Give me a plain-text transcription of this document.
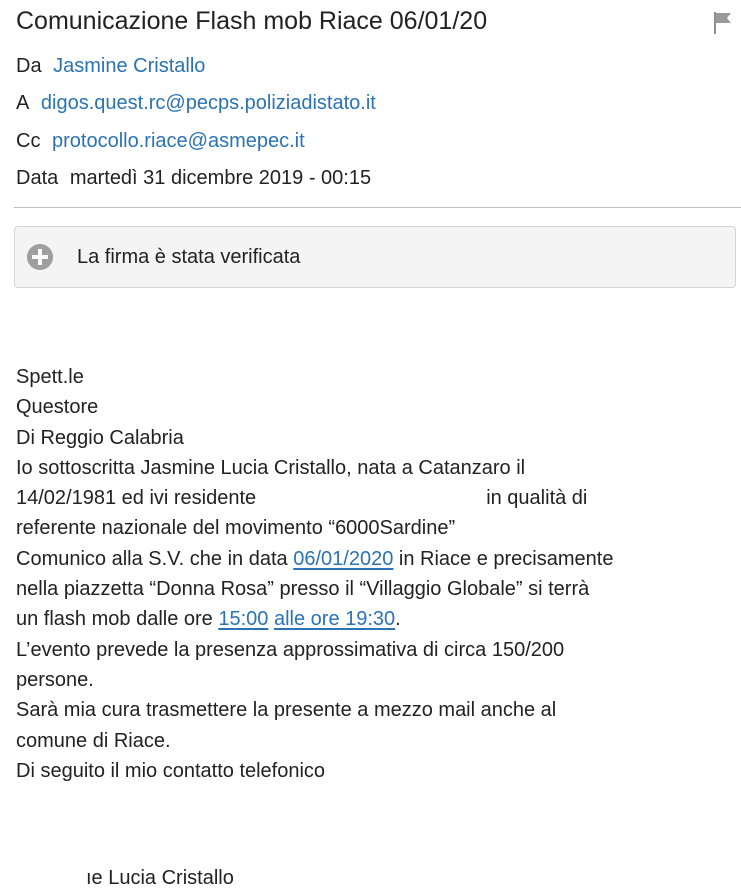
Comunicazione Flash mob Riace 06/01/20
Da Jasmine Cristallo
A digos.quest.rc@pecps.poliziadistato.it
Cc protocollo.riace@asmepec.it
Data martedì 31 dicembre 2019 - 00:15
La firma è stata verificata
Spett.le
Questore
Di Reggio Calabria
Io sottoscritta Jasmine Lucia Cristallo, nata a Catanzaro il
14/02/1981 ed ivi residente	in qualità di
referente nazionale del movimento “6000Sardine”
Comunico alla S.V. che in data 06/01/2020 in Riace e precisamente
nella piazzetta “Donna Rosa” presso il “Villaggio Globale” si terrà
un flash mob dalle ore 15:00 alle ore 19:30.
L’evento prevede la presenza approssimativa di circa 150/200
persone.
Sarà mia cura trasmettere la presente a mezzo mail anche al
comune di Riace.
Di seguito il mio contatto telefonico
ıe Lucia Cristallo
